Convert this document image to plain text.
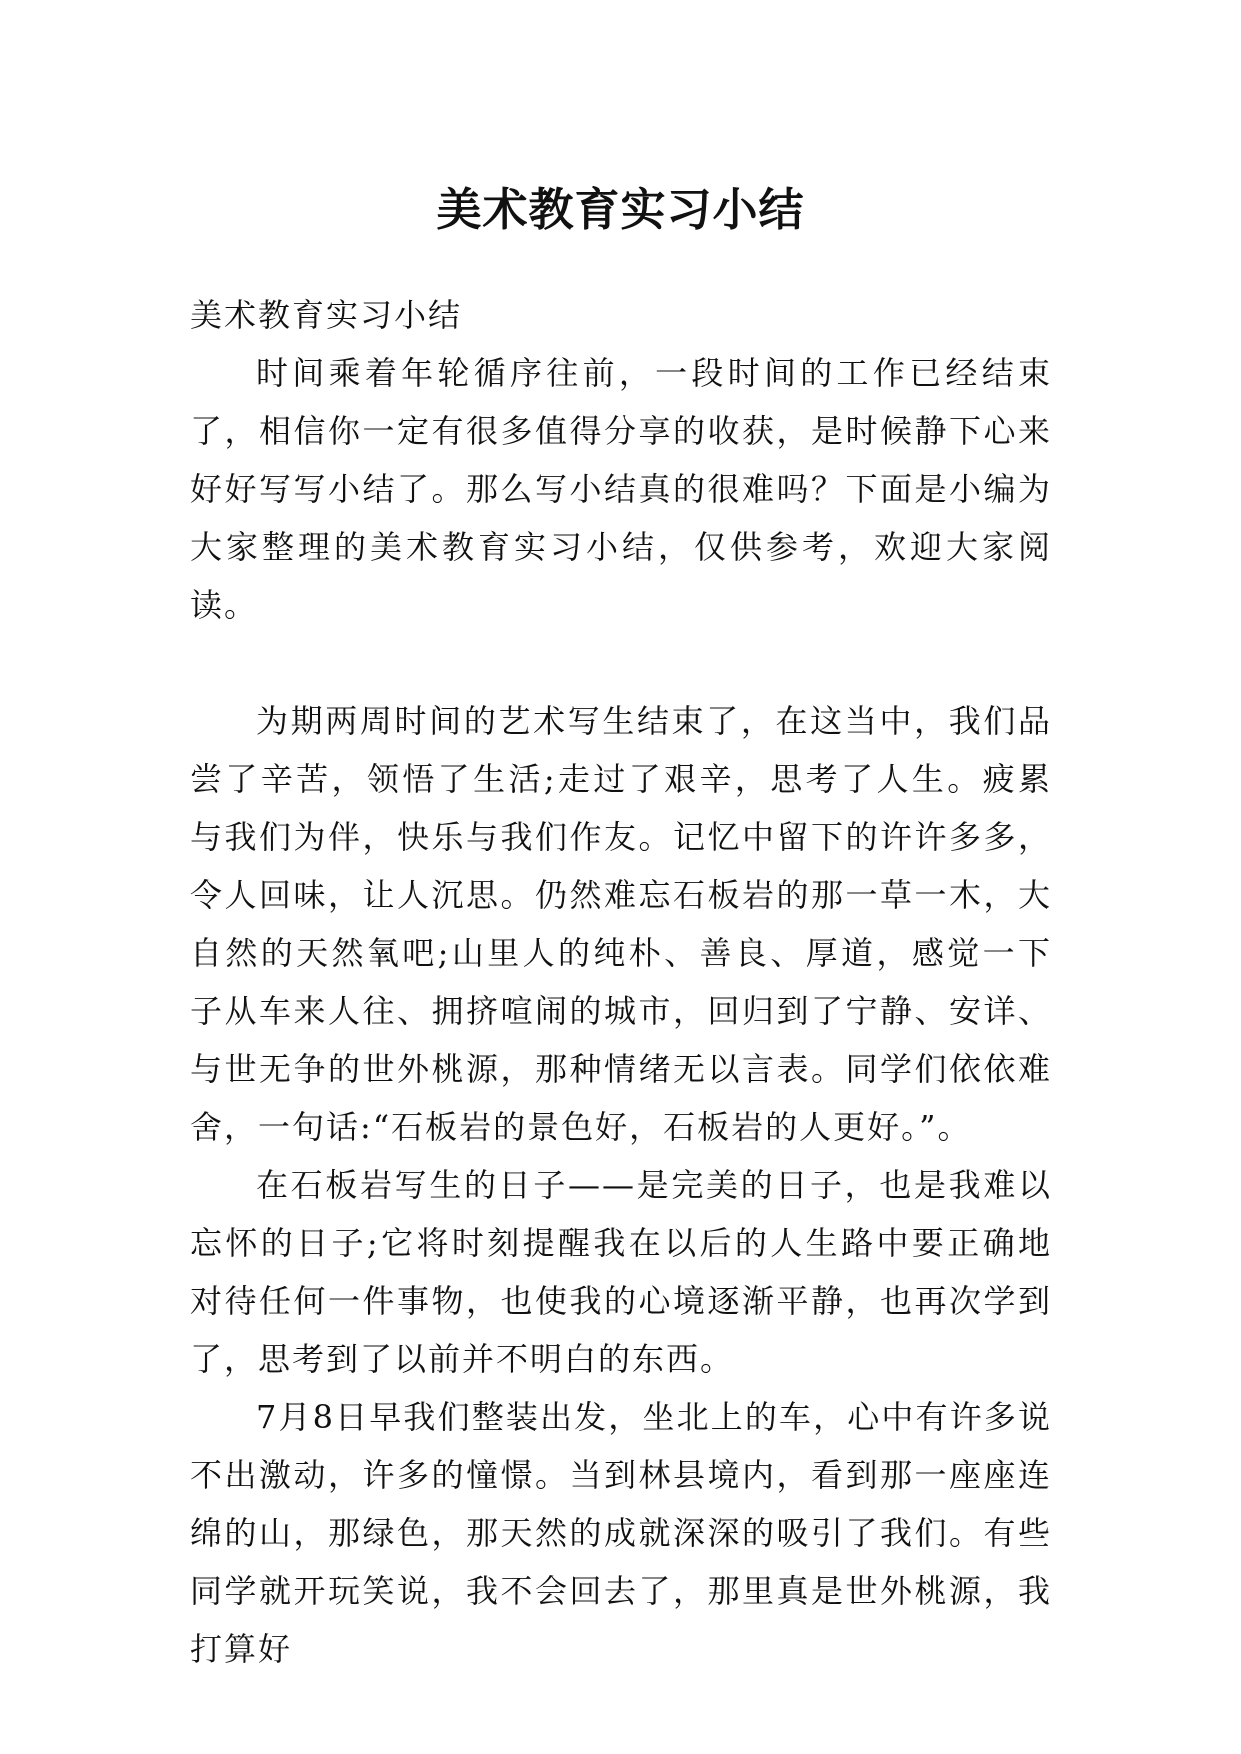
美术教育实习小结

美术教育实习小结

时间乘着年轮循序往前，一段时间的工作已经结束了，相信你一定有很多值得分享的收获，是时候静下心来好好写写小结了。那么写小结真的很难吗？下面是小编为大家整理的美术教育实习小结，仅供参考，欢迎大家阅读。

为期两周时间的艺术写生结束了，在这当中，我们品尝了辛苦，领悟了生活;走过了艰辛，思考了人生。疲累与我们为伴，快乐与我们作友。记忆中留下的许许多多，令人回味，让人沉思。仍然难忘石板岩的那一草一木，大自然的天然氧吧;山里人的纯朴、善良、厚道，感觉一下子从车来人往、拥挤喧闹的城市，回归到了宁静、安详、与世无争的世外桃源，那种情绪无以言表。同学们依依难舍，一句话:“石板岩的景色好，石板岩的人更好。”。

在石板岩写生的日子——是完美的日子，也是我难以忘怀的日子;它将时刻提醒我在以后的人生路中要正确地对待任何一件事物，也使我的心境逐渐平静，也再次学到了，思考到了以前并不明白的东西。

7月8日早我们整装出发，坐北上的车，心中有许多说不出激动，许多的憧憬。当到林县境内，看到那一座座连绵的山，那绿色，那天然的成就深深的吸引了我们。有些同学就开玩笑说，我不会回去了，那里真是世外桃源，我打算好
